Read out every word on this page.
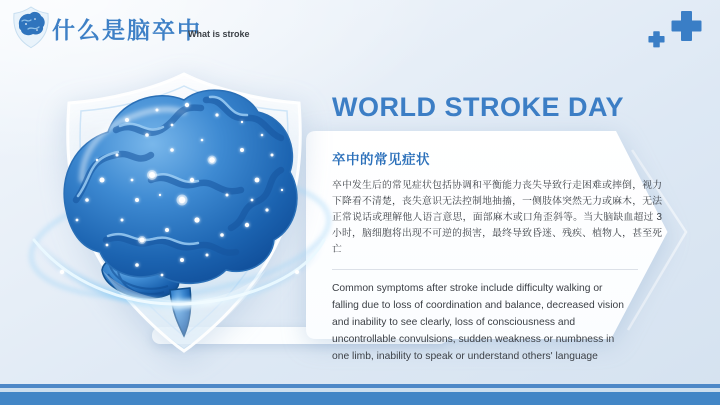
什么是脑卒中
What is stroke
WORLD STROKE DAY
卒中的常见症状

卒中发生后的常见症状包括协调和平衡能力丧失导致行走困难或摔倒，视力下降看不清楚，丧失意识无法控制地抽搐，一侧肢体突然无力或麻木，无法正常说话或理解他人语言意思，面部麻木或口角歪斜等。当大脑缺血超过 3 小时，脑细胞将出现不可逆的损害，最终导致昏迷、残疾、植物人，甚至死亡

Common symptoms after stroke include difficulty walking or falling due to loss of coordination and balance, decreased vision and inability to see clearly, loss of consciousness and uncontrollable convulsions, sudden weakness or numbness in one limb, inability to speak or understand others' language
